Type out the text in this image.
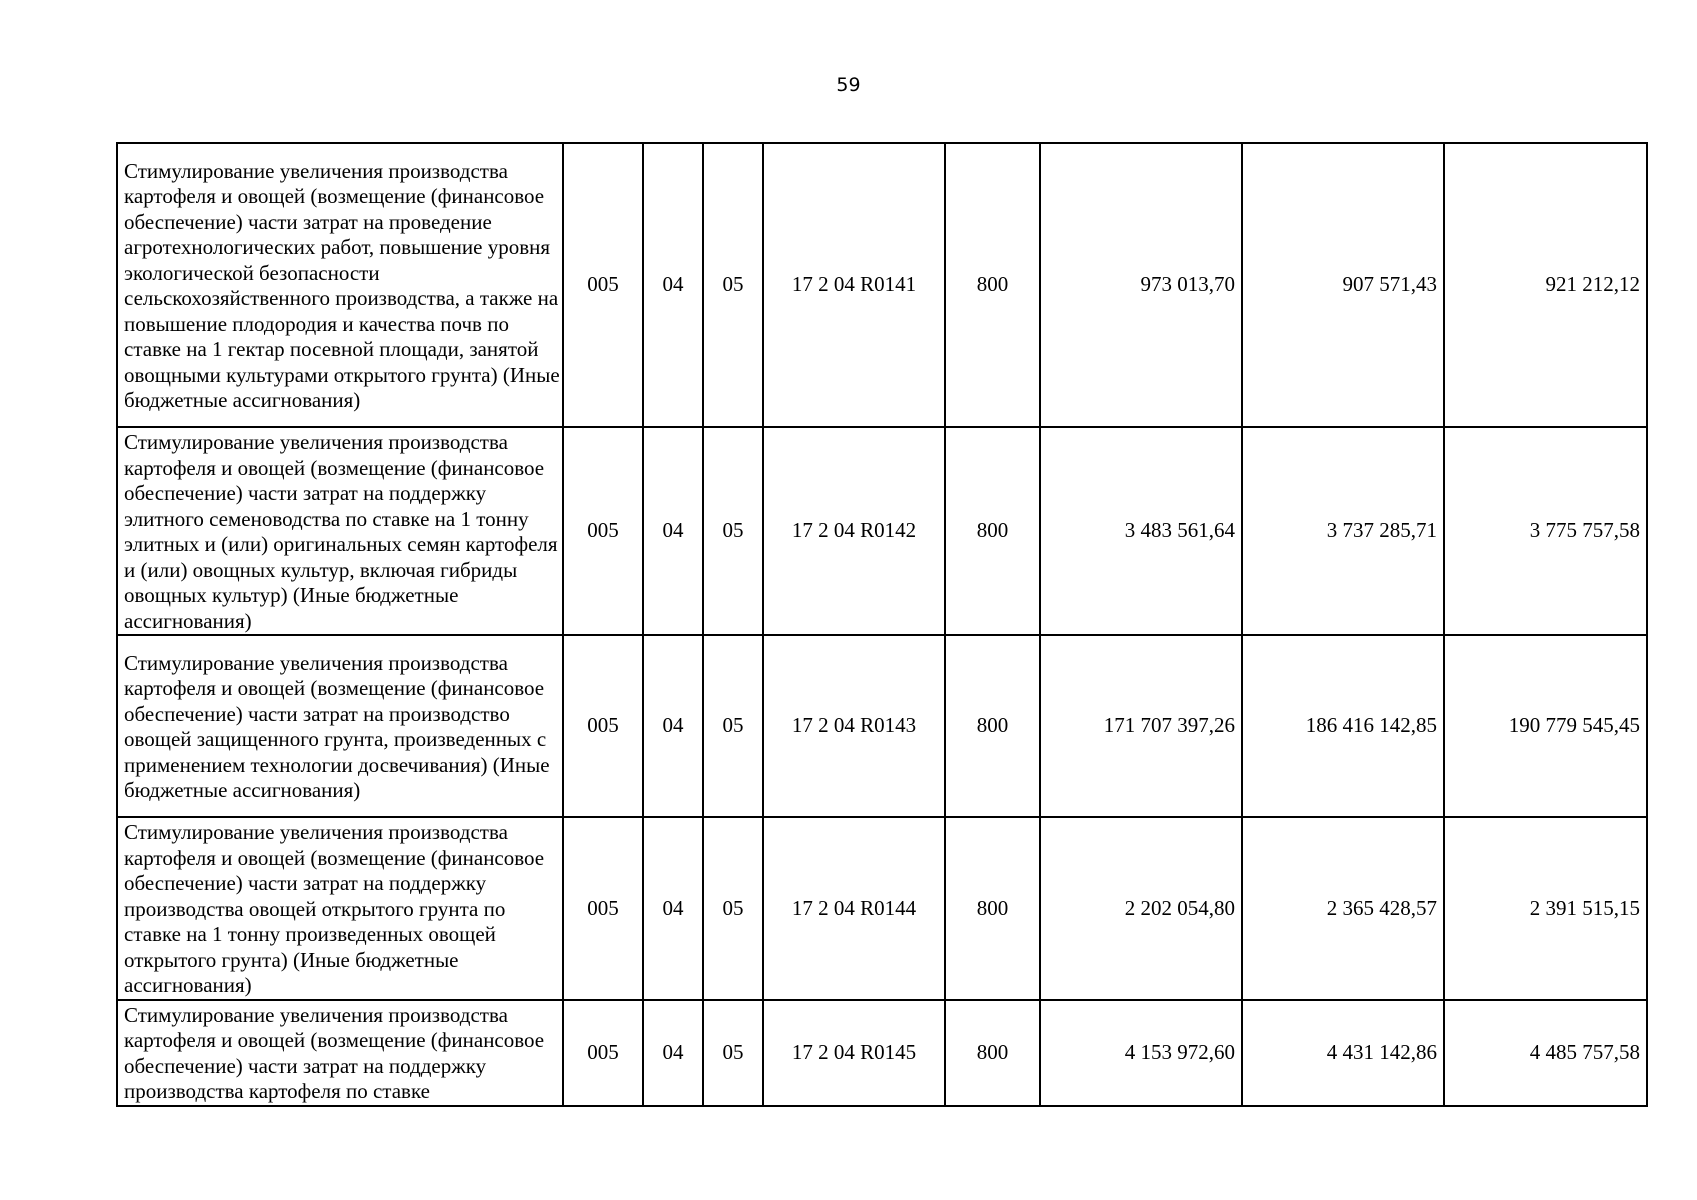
59
Стимулирование увеличения производства картофеля и овощей (возмещение (финансовое обеспечение) части затрат на проведение агротехнологических работ, повышение уровня экологической безопасности сельскохозяйственного производства, а также на повышение плодородия и качества почв по ставке на 1 гектар посевной площади, занятой овощными культурами открытого грунта) (Иные бюджетные ассигнования)	005	04	05	17 2 04 R0141	800	973 013,70	907 571,43	921 212,12
Стимулирование увеличения производства картофеля и овощей (возмещение (финансовое обеспечение) части затрат на поддержку элитного семеноводства по ставке на 1 тонну элитных и (или) оригинальных семян картофеля и (или) овощных культур, включая гибриды овощных культур) (Иные бюджетные ассигнования)	005	04	05	17 2 04 R0142	800	3 483 561,64	3 737 285,71	3 775 757,58
Стимулирование увеличения производства картофеля и овощей (возмещение (финансовое обеспечение) части затрат на производство овощей защищенного грунта, произведенных с применением технологии досвечивания) (Иные бюджетные ассигнования)	005	04	05	17 2 04 R0143	800	171 707 397,26	186 416 142,85	190 779 545,45
Стимулирование увеличения производства картофеля и овощей (возмещение (финансовое обеспечение) части затрат на поддержку производства овощей открытого грунта по ставке на 1 тонну произведенных овощей открытого грунта) (Иные бюджетные ассигнования)	005	04	05	17 2 04 R0144	800	2 202 054,80	2 365 428,57	2 391 515,15
Стимулирование увеличения производства картофеля и овощей (возмещение (финансовое обеспечение) части затрат на поддержку производства картофеля по ставке	005	04	05	17 2 04 R0145	800	4 153 972,60	4 431 142,86	4 485 757,58
